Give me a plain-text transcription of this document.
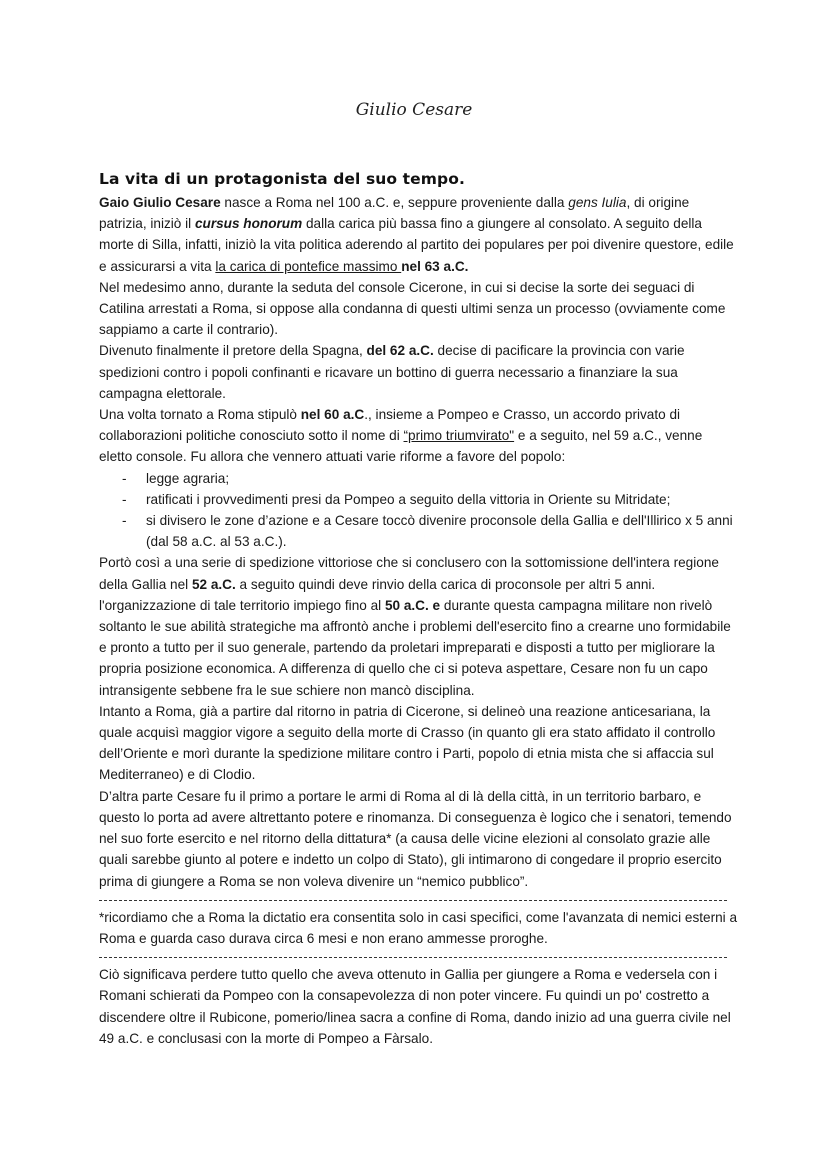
Giulio Cesare
La vita di un protagonista del suo tempo.

Gaio Giulio Cesare nasce a Roma nel 100 a.C. e, seppure proveniente dalla gens Iulia, di origine patrizia, iniziò il cursus honorum dalla carica più bassa fino a giungere al consolato. A seguito della morte di Silla, infatti, iniziò la vita politica aderendo al partito dei populares per poi divenire questore, edile e assicurarsi a vita la carica di pontefice massimo nel 63 a.C.

Nel medesimo anno, durante la seduta del console Cicerone, in cui si decise la sorte dei seguaci di Catilina arrestati a Roma, si oppose alla condanna di questi ultimi senza un processo (ovviamente come sappiamo a carte il contrario).

Divenuto finalmente il pretore della Spagna, del 62 a.C. decise di pacificare la provincia con varie spedizioni contro i popoli confinanti e ricavare un bottino di guerra necessario a finanziare la sua campagna elettorale.

Una volta tornato a Roma stipulò nel 60 a.C., insieme a Pompeo e Crasso, un accordo privato di collaborazioni politiche conosciuto sotto il nome di “primo triumvirato" e a seguito, nel 59 a.C., venne eletto console. Fu allora che vennero attuati varie riforme a favore del popolo:

- legge agraria;
- ratificati i provvedimenti presi da Pompeo a seguito della vittoria in Oriente su Mitridate;
- si divisero le zone d’azione e a Cesare toccò divenire proconsole della Gallia e dell'Illirico x 5 anni (dal 58 a.C. al 53 a.C.).

Portò così a una serie di spedizione vittoriose che si conclusero con la sottomissione dell'intera regione della Gallia nel 52 a.C. a seguito quindi deve rinvio della carica di proconsole per altri 5 anni. l'organizzazione di tale territorio impiego fino al 50 a.C. e durante questa campagna militare non rivelò soltanto le sue abilità strategiche ma affrontò anche i problemi dell'esercito fino a crearne uno formidabile e pronto a tutto per il suo generale, partendo da proletari impreparati e disposti a tutto per migliorare la propria posizione economica. A differenza di quello che ci si poteva aspettare, Cesare non fu un capo intransigente sebbene fra le sue schiere non mancò disciplina.

Intanto a Roma, già a partire dal ritorno in patria di Cicerone, si delineò una reazione anticesariana, la quale acquisì maggior vigore a seguito della morte di Crasso (in quanto gli era stato affidato il controllo dell’Oriente e morì durante la spedizione militare contro i Parti, popolo di etnia mista che si affaccia sul Mediterraneo) e di Clodio.

D’altra parte Cesare fu il primo a portare le armi di Roma al di là della città, in un territorio barbaro, e questo lo porta ad avere altrettanto potere e rinomanza. Di conseguenza è logico che i senatori, temendo nel suo forte esercito e nel ritorno della dittatura* (a causa delle vicine elezioni al consolato grazie alle quali sarebbe giunto al potere e indetto un colpo di Stato), gli intimarono di congedare il proprio esercito prima di giungere a Roma se non voleva divenire un “nemico pubblico”.

*ricordiamo che a Roma la dictatio era consentita solo in casi specifici, come l'avanzata di nemici esterni a Roma e guarda caso durava circa 6 mesi e non erano ammesse proroghe.

Ciò significava perdere tutto quello che aveva ottenuto in Gallia per giungere a Roma e vedersela con i Romani schierati da Pompeo con la consapevolezza di non poter vincere. Fu quindi un po' costretto a discendere oltre il Rubicone, pomerio/linea sacra a confine di Roma, dando inizio ad una guerra civile nel 49 a.C. e conclusasi con la morte di Pompeo a Fàrsalo.
